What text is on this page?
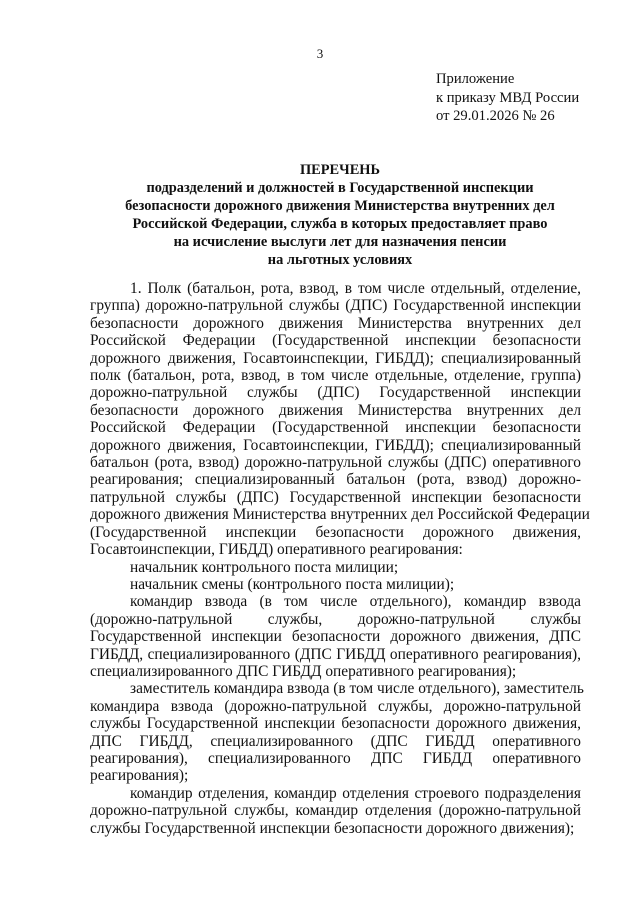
3
Приложение
к приказу МВД России
от 29.01.2026 № 26
ПЕРЕЧЕНЬ
подразделений и должностей в Государственной инспекции
безопасности дорожного движения Министерства внутренних дел
Российской Федерации, служба в которых предоставляет право
на исчисление выслуги лет для назначения пенсии
на льготных условиях

1. Полк (батальон, рота, взвод, в том числе отдельный, отделение,
группа) дорожно-патрульной службы (ДПС) Государственной инспекции
безопасности дорожного движения Министерства внутренних дел
Российской Федерации (Государственной инспекции безопасности
дорожного движения, Госавтоинспекции, ГИБДД); специализированный
полк (батальон, рота, взвод, в том числе отдельные, отделение, группа)
дорожно-патрульной службы (ДПС) Государственной инспекции
безопасности дорожного движения Министерства внутренних дел
Российской Федерации (Государственной инспекции безопасности
дорожного движения, Госавтоинспекции, ГИБДД); специализированный
батальон (рота, взвод) дорожно-патрульной службы (ДПС) оперативного
реагирования; специализированный батальон (рота, взвод) дорожно-
патрульной службы (ДПС) Государственной инспекции безопасности
дорожного движения Министерства внутренних дел Российской Федерации
(Государственной инспекции безопасности дорожного движения,
Госавтоинспекции, ГИБДД) оперативного реагирования:

начальник контрольного поста милиции;

начальник смены (контрольного поста милиции);

командир взвода (в том числе отдельного), командир взвода
(дорожно-патрульной службы, дорожно-патрульной службы
Государственной инспекции безопасности дорожного движения, ДПС
ГИБДД, специализированного (ДПС ГИБДД оперативного реагирования),
специализированного ДПС ГИБДД оперативного реагирования);

заместитель командира взвода (в том числе отдельного), заместитель
командира взвода (дорожно-патрульной службы, дорожно-патрульной
службы Государственной инспекции безопасности дорожного движения,
ДПС ГИБДД, специализированного (ДПС ГИБДД оперативного
реагирования), специализированного ДПС ГИБДД оперативного
реагирования);

командир отделения, командир отделения строевого подразделения
дорожно-патрульной службы, командир отделения (дорожно-патрульной
службы Государственной инспекции безопасности дорожного движения);
